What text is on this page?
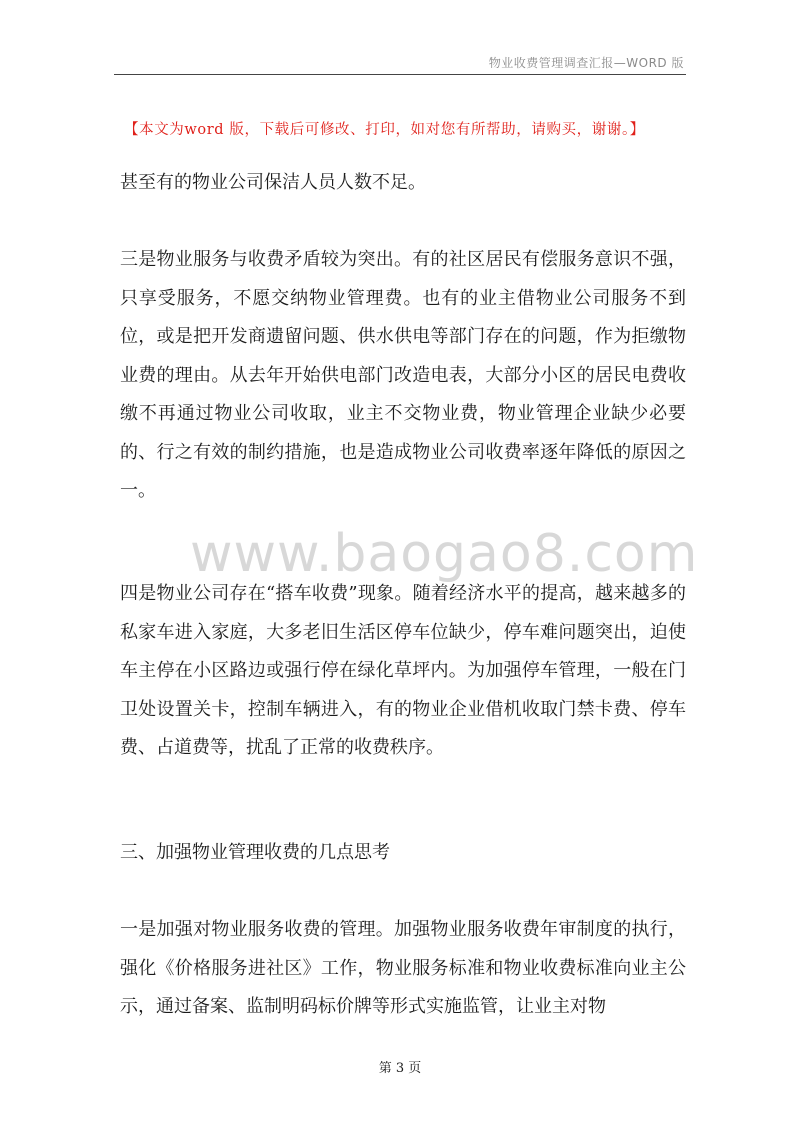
物业收费管理调查汇报—WORD 版
【本文为word 版，下载后可修改、打印，如对您有所帮助，请购买，谢谢。】

甚至有的物业公司保洁人员人数不足。

三是物业服务与收费矛盾较为突出。有的社区居民有偿服务意识不强，只享受服务，不愿交纳物业管理费。也有的业主借物业公司服务不到位，或是把开发商遗留问题、供水供电等部门存在的问题，作为拒缴物业费的理由。从去年开始供电部门改造电表，大部分小区的居民电费收缴不再通过物业公司收取，业主不交物业费，物业管理企业缺少必要的、行之有效的制约措施，也是造成物业公司收费率逐年降低的原因之一。

www.baogao8.com

四是物业公司存在“搭车收费”现象。随着经济水平的提高，越来越多的私家车进入家庭，大多老旧生活区停车位缺少，停车难问题突出，迫使车主停在小区路边或强行停在绿化草坪内。为加强停车管理，一般在门卫处设置关卡，控制车辆进入，有的物业企业借机收取门禁卡费、停车费、占道费等，扰乱了正常的收费秩序。

三、加强物业管理收费的几点思考

一是加强对物业服务收费的管理。加强物业服务收费年审制度的执行，强化《价格服务进社区》工作，物业服务标准和物业收费标准向业主公示，通过备案、监制明码标价牌等形式实施监管，让业主对物

第 3 页
